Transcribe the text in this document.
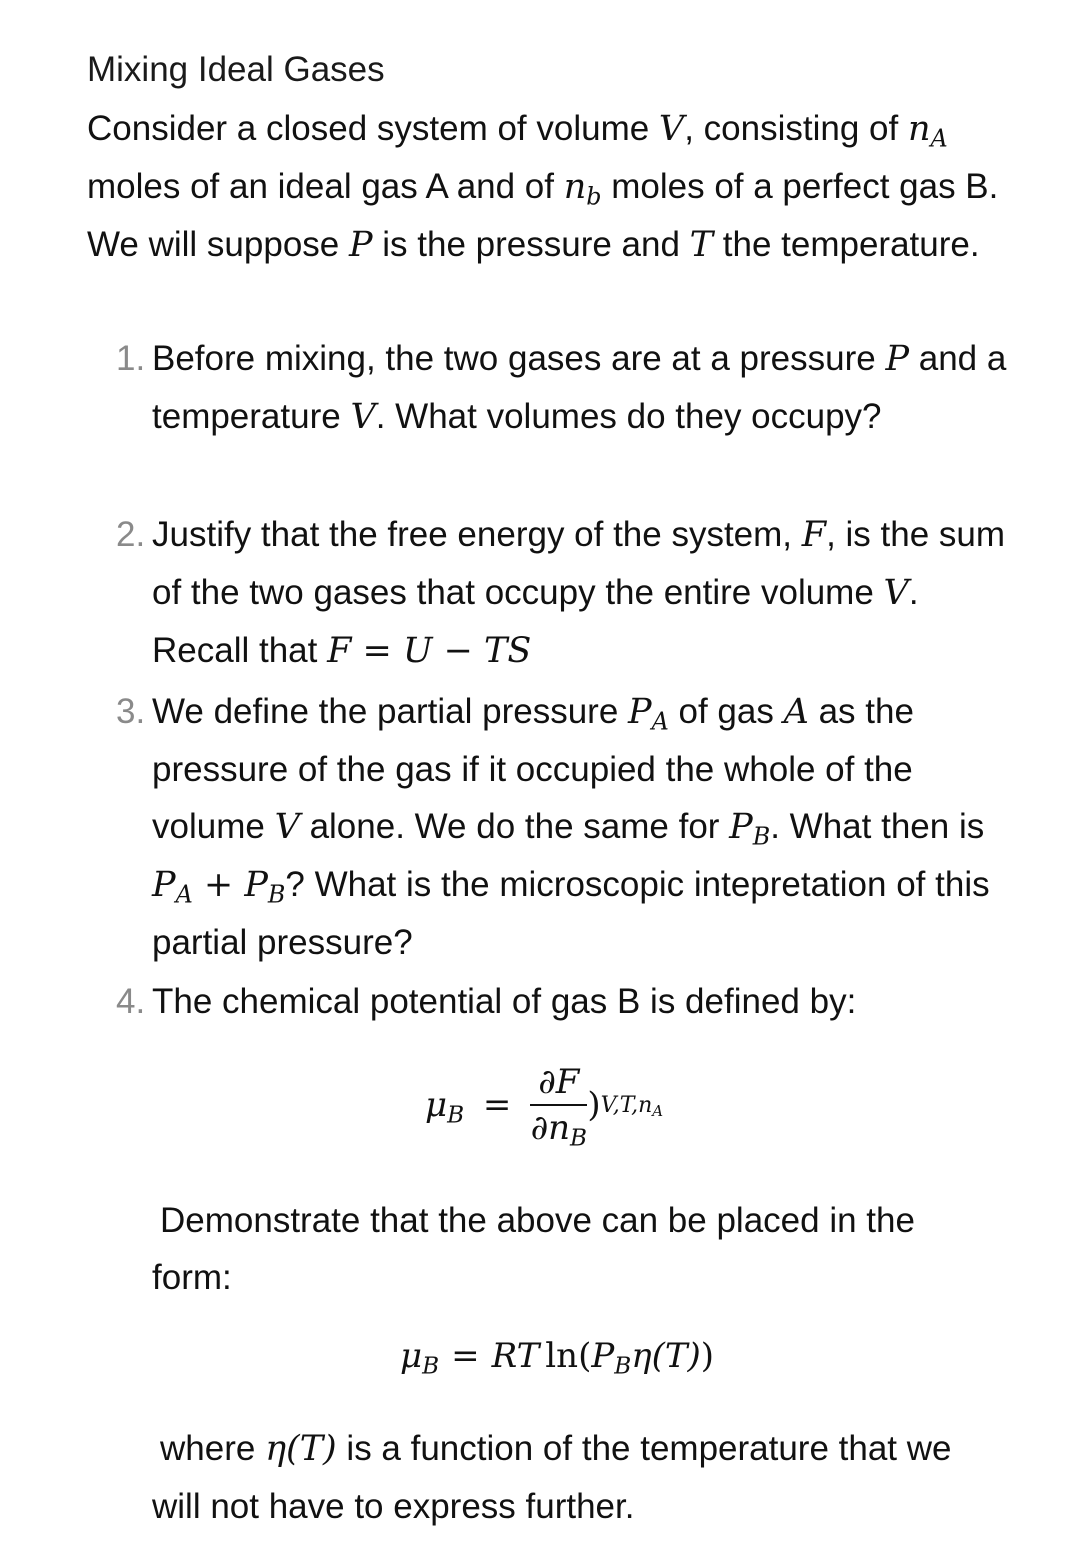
Mixing Ideal Gases
Consider a closed system of volume V, consisting of $n_A$ moles of an ideal gas A and of $n_b$ moles of a perfect gas B. We will suppose P is the pressure and T the temperature.
1. Before mixing, the two gases are at a pressure P and a temperature V. What volumes do they occupy?
2. Justify that the free energy of the system, F, is the sum of the two gases that occupy the entire volume V. Recall that F = U − TS
3. We define the partial pressure $P_A$ of gas A as the pressure of the gas if it occupied the whole of the volume V alone. We do the same for $P_B$. What then is $P_A + P_B$? What is the microscopic intepretation of this partial pressure?
4. The chemical potential of gas B is defined by:
$\mu_B = \frac{\partial F}{\partial n_B} )V,T,n_A$
Demonstrate that the above can be placed in the form:
$\mu_B$ = RT $\ln(P_B\eta(T))$
where η(T) is a function of the temperature that we will not have to express further.
